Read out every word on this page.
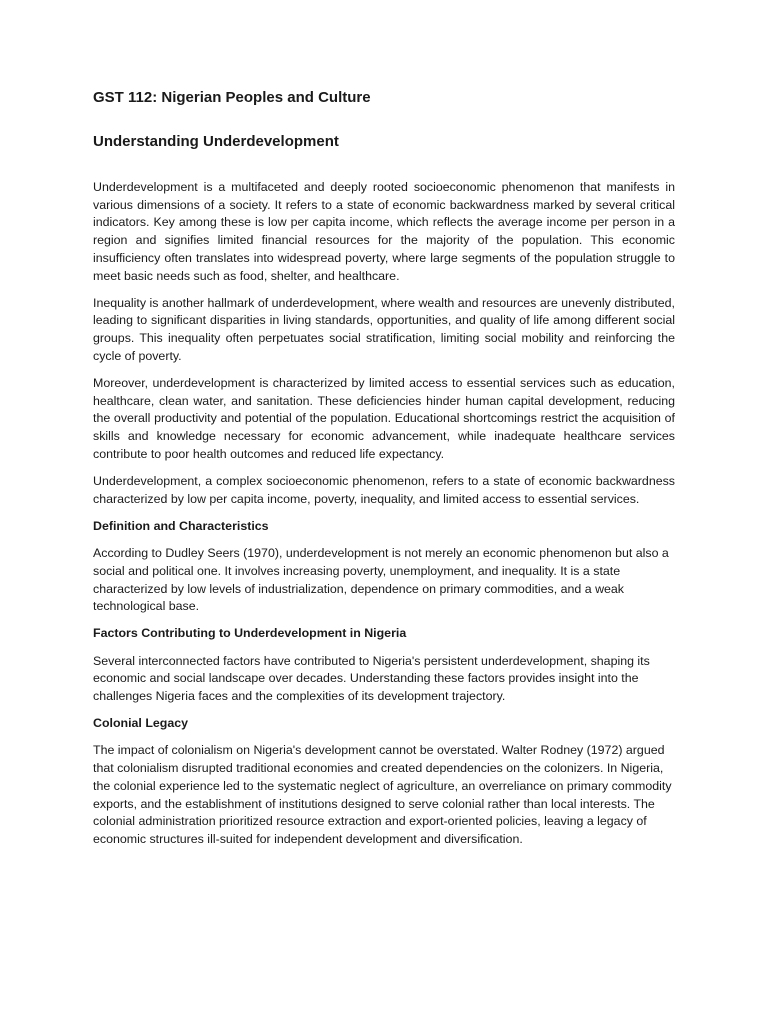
GST 112: Nigerian Peoples and Culture
Understanding Underdevelopment

Underdevelopment is a multifaceted and deeply rooted socioeconomic phenomenon that manifests in various dimensions of a society. It refers to a state of economic backwardness marked by several critical indicators. Key among these is low per capita income, which reflects the average income per person in a region and signifies limited financial resources for the majority of the population. This economic insufficiency often translates into widespread poverty, where large segments of the population struggle to meet basic needs such as food, shelter, and healthcare.

Inequality is another hallmark of underdevelopment, where wealth and resources are unevenly distributed, leading to significant disparities in living standards, opportunities, and quality of life among different social groups. This inequality often perpetuates social stratification, limiting social mobility and reinforcing the cycle of poverty.

Moreover, underdevelopment is characterized by limited access to essential services such as education, healthcare, clean water, and sanitation. These deficiencies hinder human capital development, reducing the overall productivity and potential of the population. Educational shortcomings restrict the acquisition of skills and knowledge necessary for economic advancement, while inadequate healthcare services contribute to poor health outcomes and reduced life expectancy.

Underdevelopment, a complex socioeconomic phenomenon, refers to a state of economic backwardness characterized by low per capita income, poverty, inequality, and limited access to essential services.

Definition and Characteristics

According to Dudley Seers (1970), underdevelopment is not merely an economic phenomenon but also a social and political one. It involves increasing poverty, unemployment, and inequality. It is a state characterized by low levels of industrialization, dependence on primary commodities, and a weak technological base.

Factors Contributing to Underdevelopment in Nigeria

Several interconnected factors have contributed to Nigeria's persistent underdevelopment, shaping its economic and social landscape over decades. Understanding these factors provides insight into the challenges Nigeria faces and the complexities of its development trajectory.

Colonial Legacy

The impact of colonialism on Nigeria's development cannot be overstated. Walter Rodney (1972) argued that colonialism disrupted traditional economies and created dependencies on the colonizers. In Nigeria, the colonial experience led to the systematic neglect of agriculture, an overreliance on primary commodity exports, and the establishment of institutions designed to serve colonial rather than local interests. The colonial administration prioritized resource extraction and export-oriented policies, leaving a legacy of economic structures ill-suited for independent development and diversification.
